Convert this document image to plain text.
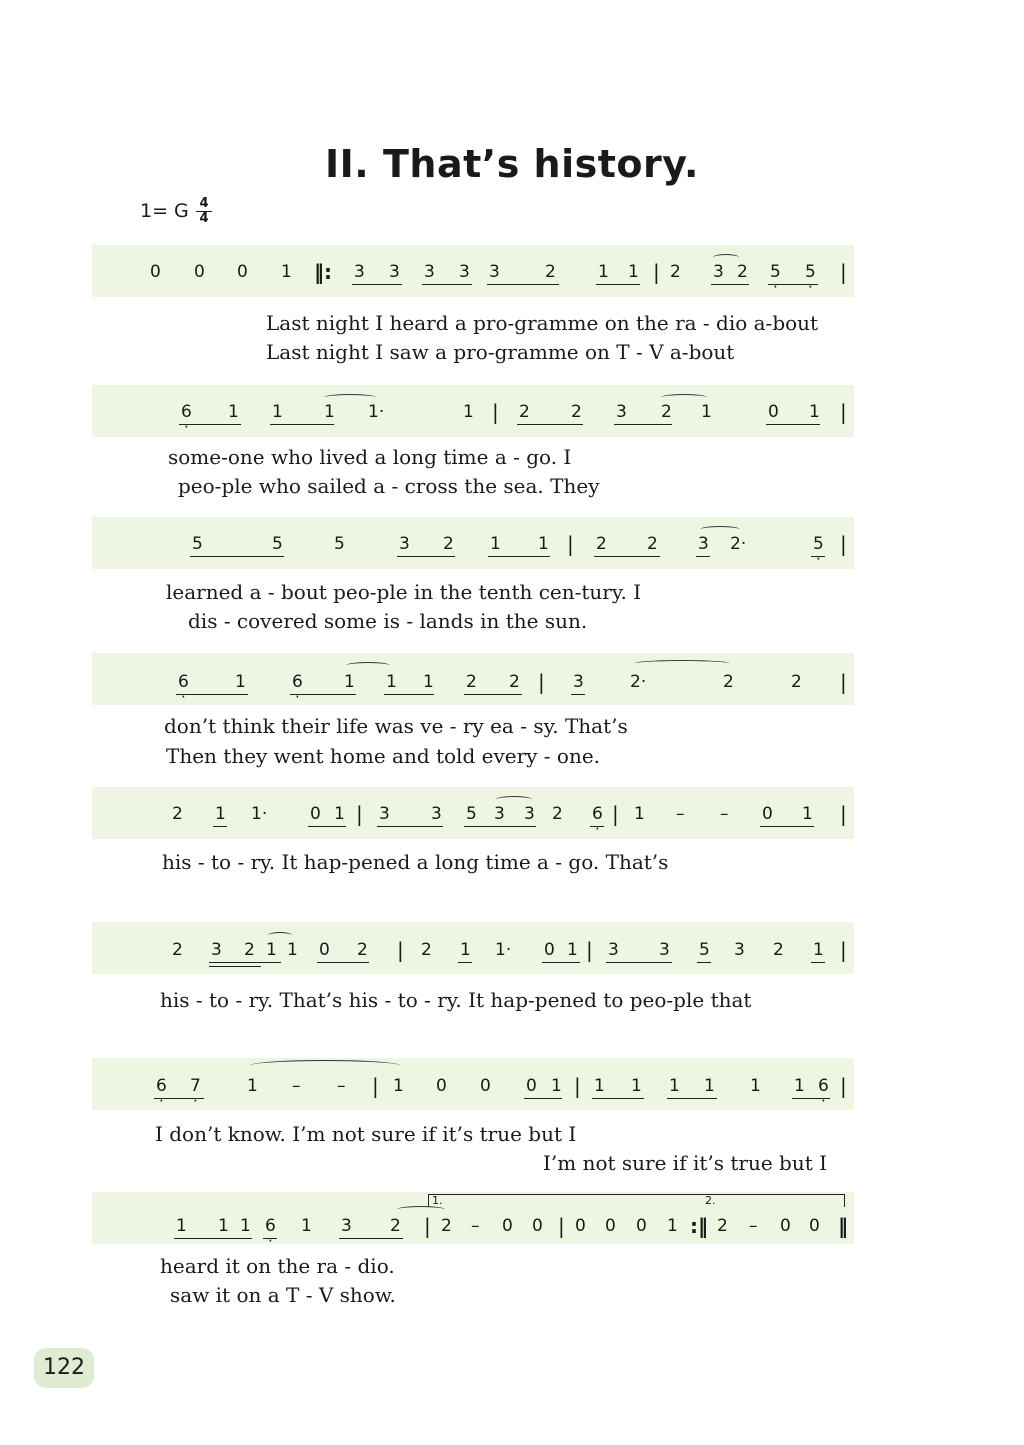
II. That’s history.
1= G 4
4
0 0 0 1 ‖: 3 3 3 3 3	2 1 1 | 2 3 2 5 5 |
· ·
Last night I heard a pro-gramme on the ra - dio a-bout
Last night I saw a pro-gramme on T - V a-bout
6 1 1 1 1·	1 | 2 2 3 2 1	0 1 |
·
some-one who lived a long time a - go. I
peo-ple who sailed a - cross the sea. They
5	5	5	3 2 1 1 | 2 2 3 2·	5 |
·
learned a - bout peo-ple in the tenth cen-tury. I
dis - covered some is - lands in the sun.
6	1	6 1 1 1 2 2 | 3	2·	2	2 |
·	·
don’t think their life was ve - ry ea - sy. That’s
Then they went home and told every - one.
2 1 1·	0 1 | 3 3 5 3 3 2 6 | 1 – – 0 1 |
·
his - to - ry. It hap-pened a long time a - go. That’s
2 3 2 1 1 0 2 | 2 1 1· 0 1 | 3 3 5 3 2 1 |
his - to - ry. That’s his - to - ry. It hap-pened to peo-ple that
6 7	1 – – | 1 0 0 0 1 | 1 1 1 1 1 1 6 |
· ·	·
I don’t know. I’m not sure if it’s true but I
I’m not sure if it’s true but I
1.	2.
1 1 1 6 1 3 2 | 2 – 0 0 | 0 0 0 1 :‖ 2 – 0 0 ‖
·
heard it on the ra - dio.
saw it on a T - V show.
122
